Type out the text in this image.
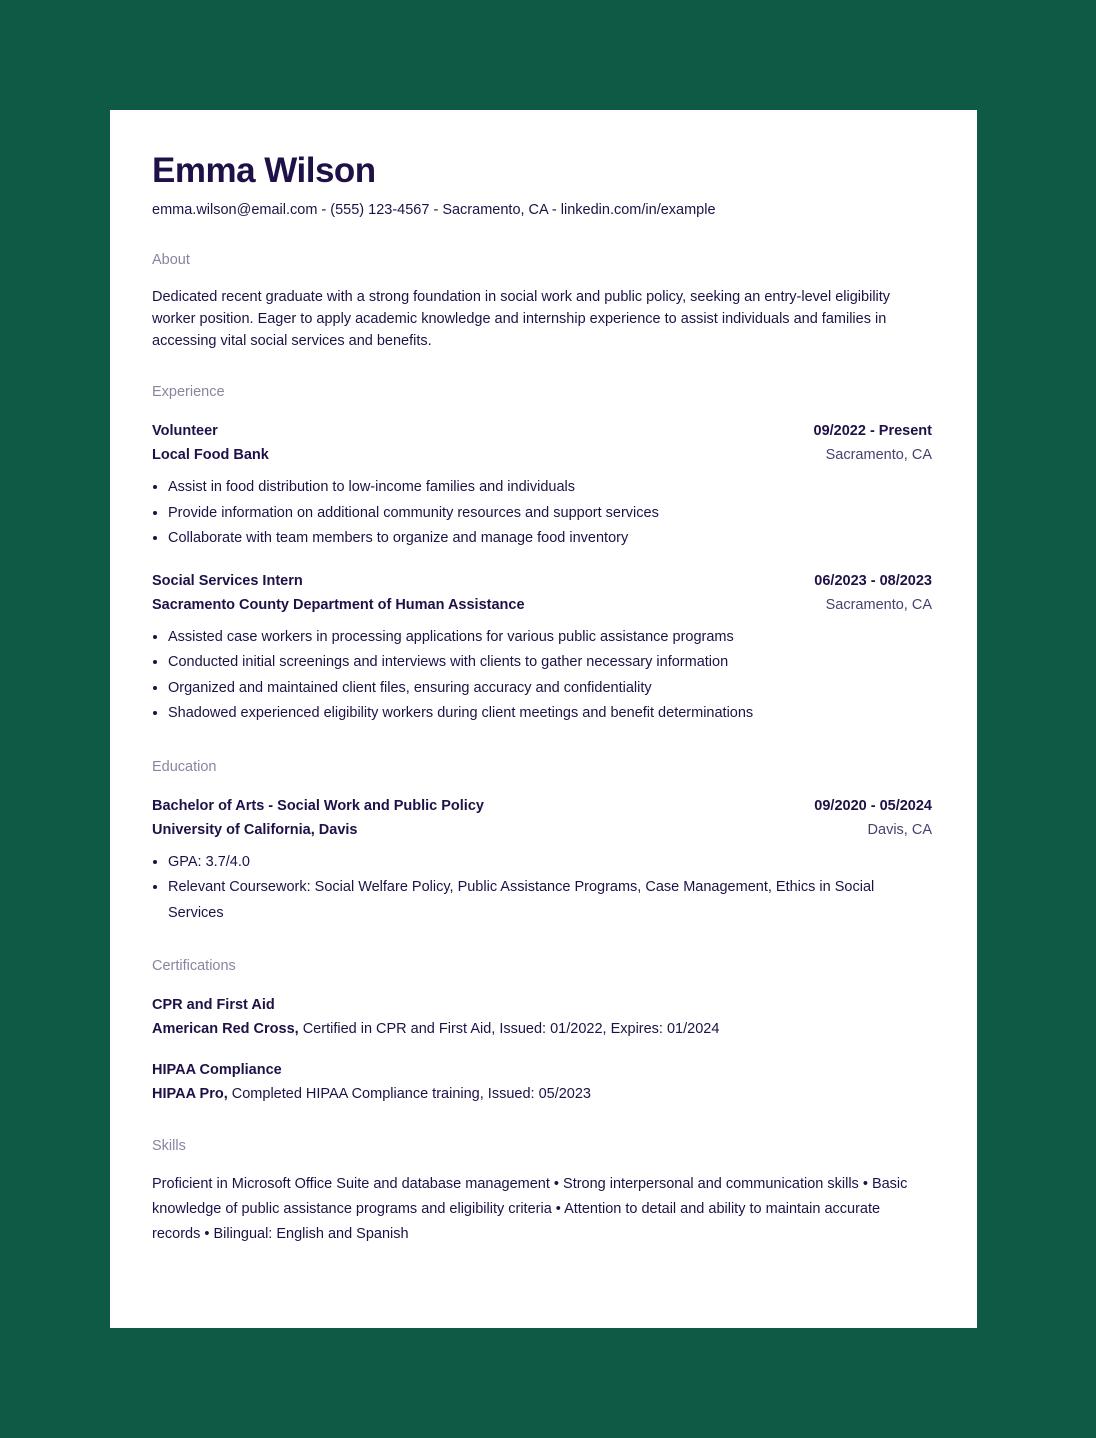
Emma Wilson
emma.wilson@email.com - (555) 123-4567 - Sacramento, CA - linkedin.com/in/example
About
Dedicated recent graduate with a strong foundation in social work and public policy, seeking an entry-level eligibility worker position. Eager to apply academic knowledge and internship experience to assist individuals and families in accessing vital social services and benefits.
Experience
Volunteer	09/2022 - Present
Local Food Bank	Sacramento, CA
• Assist in food distribution to low-income families and individuals
• Provide information on additional community resources and support services
• Collaborate with team members to organize and manage food inventory
Social Services Intern	06/2023 - 08/2023
Sacramento County Department of Human Assistance	Sacramento, CA
• Assisted case workers in processing applications for various public assistance programs
• Conducted initial screenings and interviews with clients to gather necessary information
• Organized and maintained client files, ensuring accuracy and confidentiality
• Shadowed experienced eligibility workers during client meetings and benefit determinations
Education
Bachelor of Arts - Social Work and Public Policy	09/2020 - 05/2024
University of California, Davis	Davis, CA
• GPA: 3.7/4.0
• Relevant Coursework: Social Welfare Policy, Public Assistance Programs, Case Management, Ethics in Social Services
Certifications
CPR and First Aid
American Red Cross, Certified in CPR and First Aid, Issued: 01/2022, Expires: 01/2024
HIPAA Compliance
HIPAA Pro, Completed HIPAA Compliance training, Issued: 05/2023
Skills
Proficient in Microsoft Office Suite and database management • Strong interpersonal and communication skills • Basic knowledge of public assistance programs and eligibility criteria • Attention to detail and ability to maintain accurate records • Bilingual: English and Spanish
